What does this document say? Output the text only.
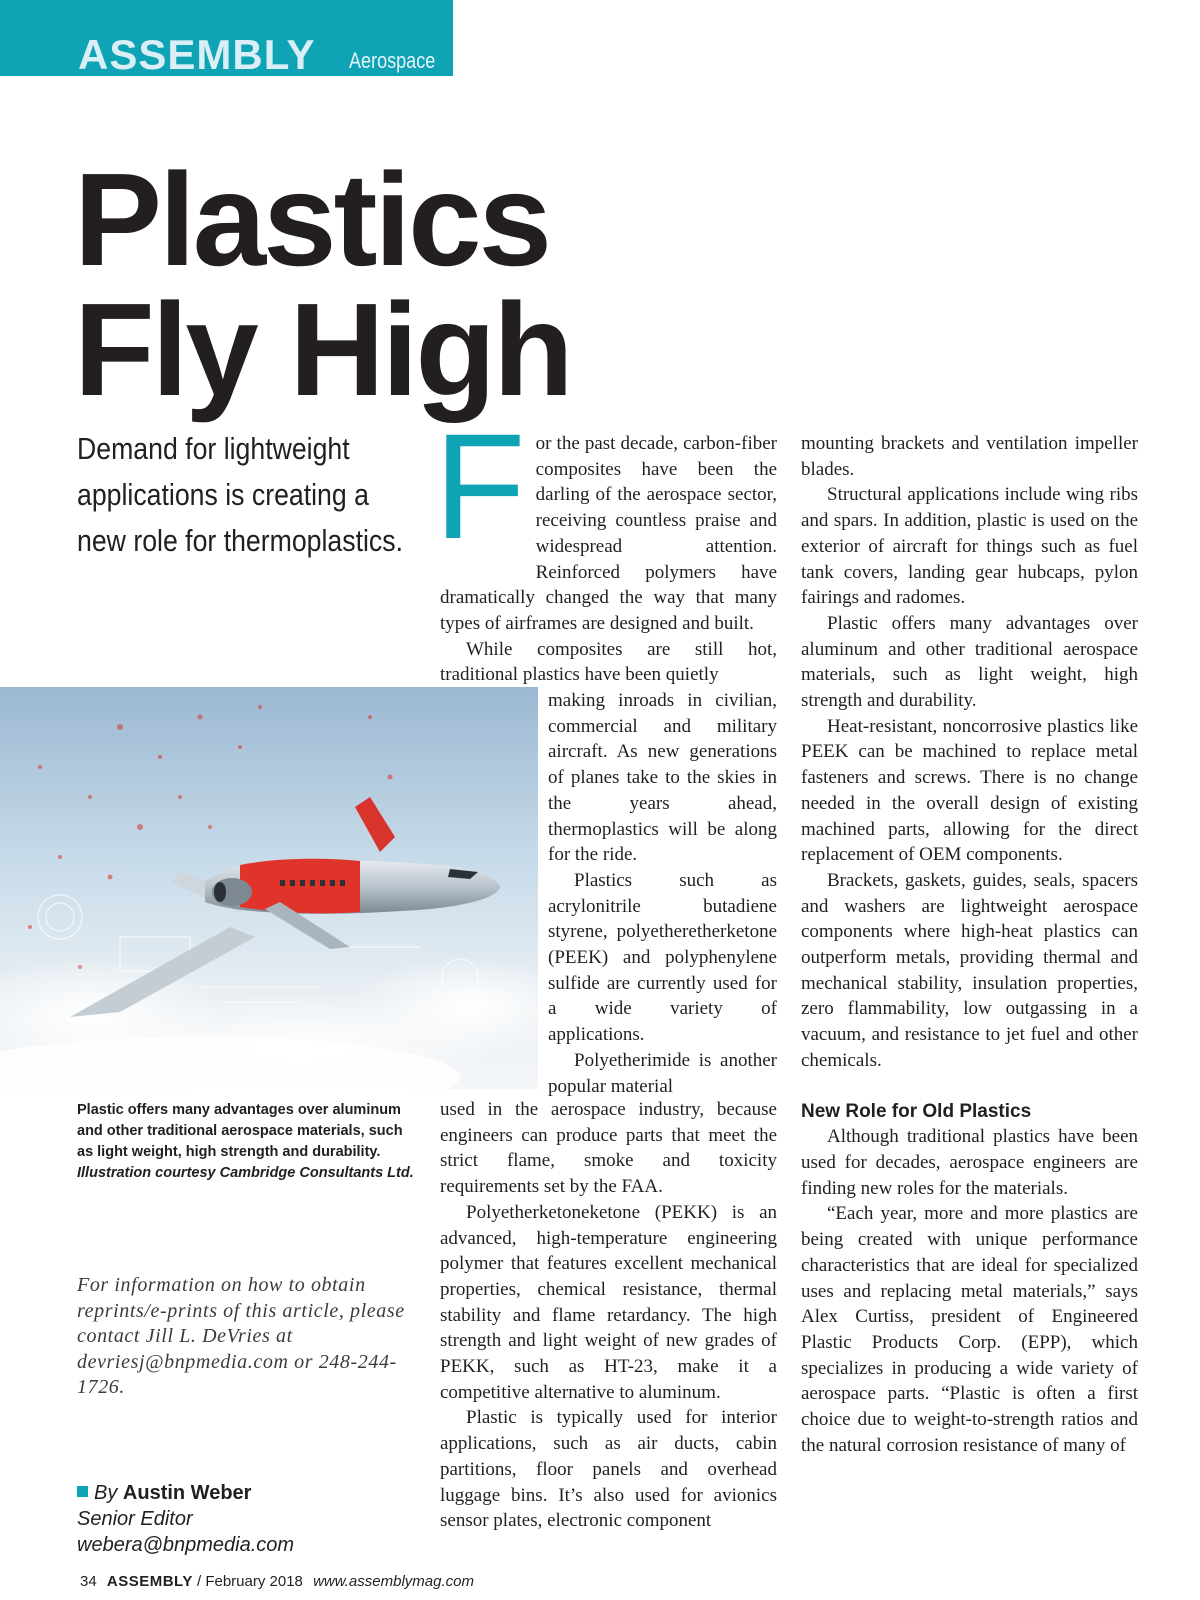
ASSEMBLY Aerospace
Plastics
Fly High
Demand for lightweight applications is creating a new role for thermoplastics.
Plastic offers many advantages over aluminum and other traditional aerospace materials, such as light weight, high strength and durability.
Illustration courtesy Cambridge Consultants Ltd.
For information on how to obtain reprints/e-prints of this article, please contact Jill L. DeVries at devriesj@bnpmedia.com or 248-244-1726.
By Austin Weber
Senior Editor
webera@bnpmedia.com
F or the past decade, carbon-fiber composites have been the darling of the aerospace sector, receiving countless praise and widespread attention. Reinforced polymers have dramatically changed the way that many types of airframes are designed and built.

While composites are still hot, traditional plastics have been quietly

making inroads in civilian, commercial and military aircraft. As new generations of planes take to the skies in the years ahead, thermoplastics will be along for the ride.

Plastics such as acrylonitrile butadiene styrene, polyetheretherketone (PEEK) and polyphenylene sulfide are currently used for a wide variety of applications.

Polyetherimide is another popular material

used in the aerospace industry, because engineers can produce parts that meet the strict flame, smoke and toxicity requirements set by the FAA.

Polyetherketoneketone (PEKK) is an advanced, high-temperature engineering polymer that features excellent mechanical properties, chemical resistance, thermal stability and flame retardancy. The high strength and light weight of new grades of PEKK, such as HT-23, make it a competitive alternative to aluminum.

Plastic is typically used for interior applications, such as air ducts, cabin partitions, floor panels and overhead luggage bins. It’s also used for avionics sensor plates, electronic component

mounting brackets and ventilation impeller blades.

Structural applications include wing ribs and spars. In addition, plastic is used on the exterior of aircraft for things such as fuel tank covers, landing gear hubcaps, pylon fairings and radomes.

Plastic offers many advantages over aluminum and other traditional aerospace materials, such as light weight, high strength and durability.

Heat-resistant, noncorrosive plastics like PEEK can be machined to replace metal fasteners and screws. There is no change needed in the overall design of existing machined parts, allowing for the direct replacement of OEM components.

Brackets, gaskets, guides, seals, spacers and washers are lightweight aerospace components where high-heat plastics can outperform metals, providing thermal and mechanical stability, insulation properties, zero flammability, low outgassing in a vacuum, and resistance to jet fuel and other chemicals.

New Role for Old Plastics

Although traditional plastics have been used for decades, aerospace engineers are finding new roles for the materials.

“Each year, more and more plastics are being created with unique performance characteristics that are ideal for specialized uses and replacing metal materials,” says Alex Curtiss, president of Engineered Plastic Products Corp. (EPP), which specializes in producing a wide variety of aerospace parts. “Plastic is often a first choice due to weight-to-strength ratios and the natural corrosion resistance of many of

34 ASSEMBLY / February 2018 www.assemblymag.com
